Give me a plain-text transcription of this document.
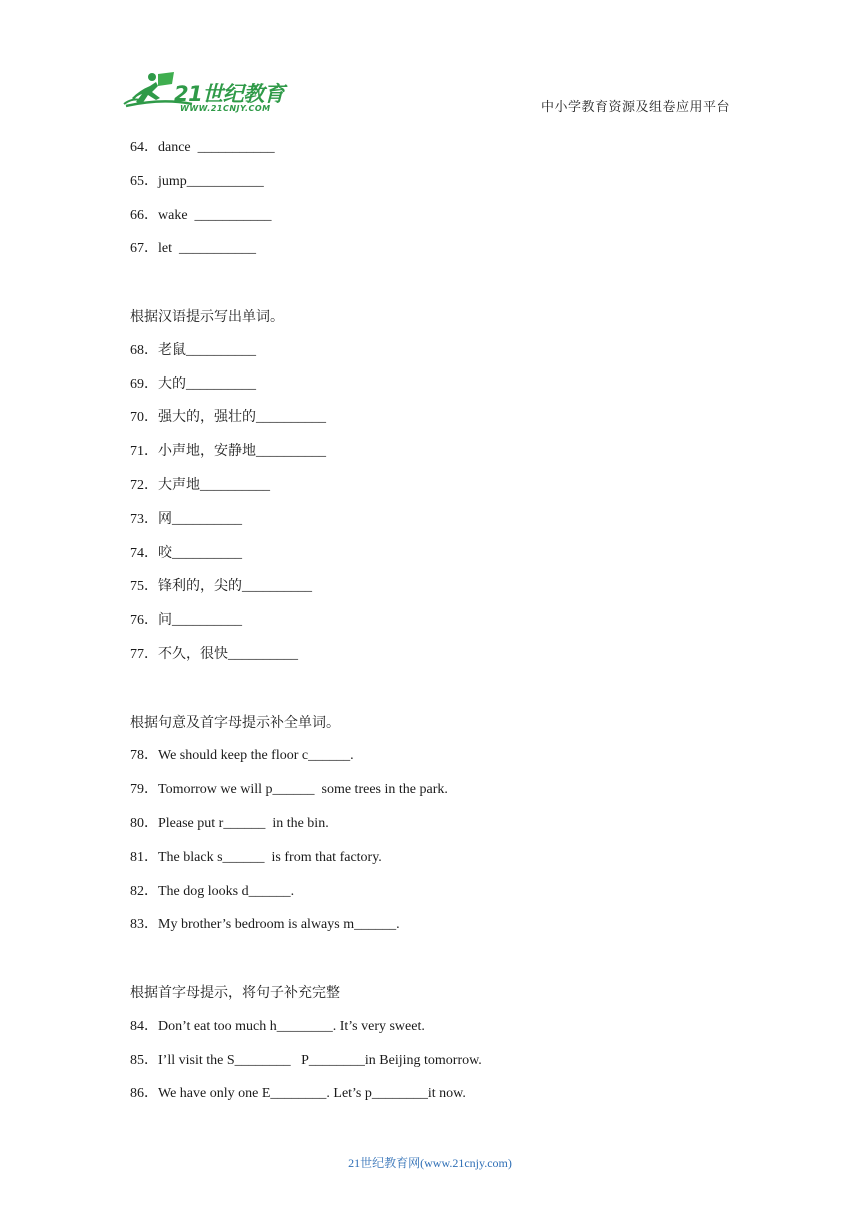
21世纪教育
WWW.21CNJY.COM	中小学教育资源及组卷应用平台
64．dance  ___________
65．jump___________
66．wake  ___________
67．let  ___________
根据汉语提示写出单词。
68．老鼠__________
69．大的__________
70．强大的，强壮的__________
71．小声地，安静地__________
72．大声地__________
73．网__________
74．咬__________
75．锋利的，尖的__________
76．问__________
77．不久，很快__________
根据句意及首字母提示补全单词。
78．We should keep the floor c______.
79．Tomorrow we will p______  some trees in the park.
80．Please put r______  in the bin.
81．The black s______  is from that factory.
82．The dog looks d______.
83．My brother’s bedroom is always m______.
根据首字母提示，将句子补充完整
84．Don’t eat too much h________. It’s very sweet.
85．I’ll visit the S________   P________in Beijing tomorrow.
86．We have only one E________. Let’s p________it now.
21世纪教育网(www.21cnjy.com)
